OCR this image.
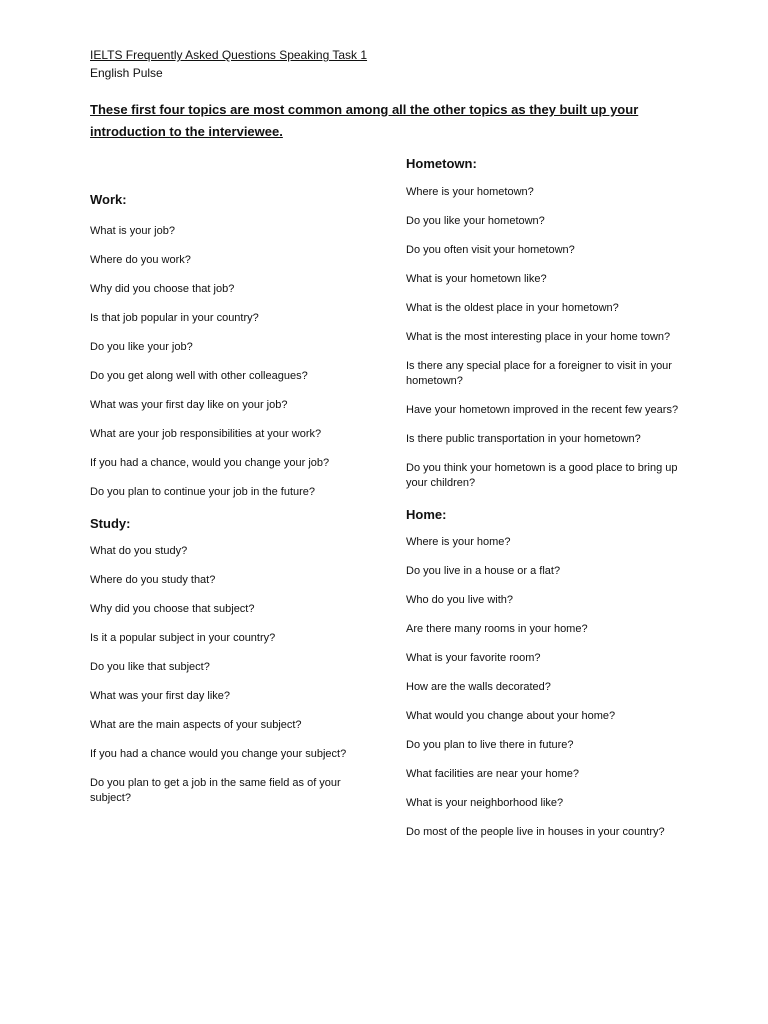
IELTS Frequently Asked Questions Speaking Task 1
English Pulse
These first four topics are most common among all the other topics as they built up your introduction to the interviewee.
Work:
What is your job?
Where do you work?
Why did you choose that job?
Is that job popular in your country?
Do you like your job?
Do you get along well with other colleagues?
What was your first day like on your job?
What are your job responsibilities at your work?
If you had a chance, would you change your job?
Do you plan to continue your job in the future?
Study:
What do you study?
Where do you study that?
Why did you choose that subject?
Is it a popular subject in your country?
Do you like that subject?
What was your first day like?
What are the main aspects of your subject?
If you had a chance would you change your subject?
Do you plan to get a job in the same field as of your subject?
Hometown:
Where is your hometown?
Do you like your hometown?
Do you often visit your hometown?
What is your hometown like?
What is the oldest place in your hometown?
What is the most interesting place in your home town?
Is there any special place for a foreigner to visit in your hometown?
Have your hometown improved in the recent few years?
Is there public transportation in your hometown?
Do you think your hometown is a good place to bring up your children?
Home:
Where is your home?
Do you live in a house or a flat?
Who do you live with?
Are there many rooms in your home?
What is your favorite room?
How are the walls decorated?
What would you change about your home?
Do you plan to live there in future?
What facilities are near your home?
What is your neighborhood like?
Do most of the people live in houses in your country?
